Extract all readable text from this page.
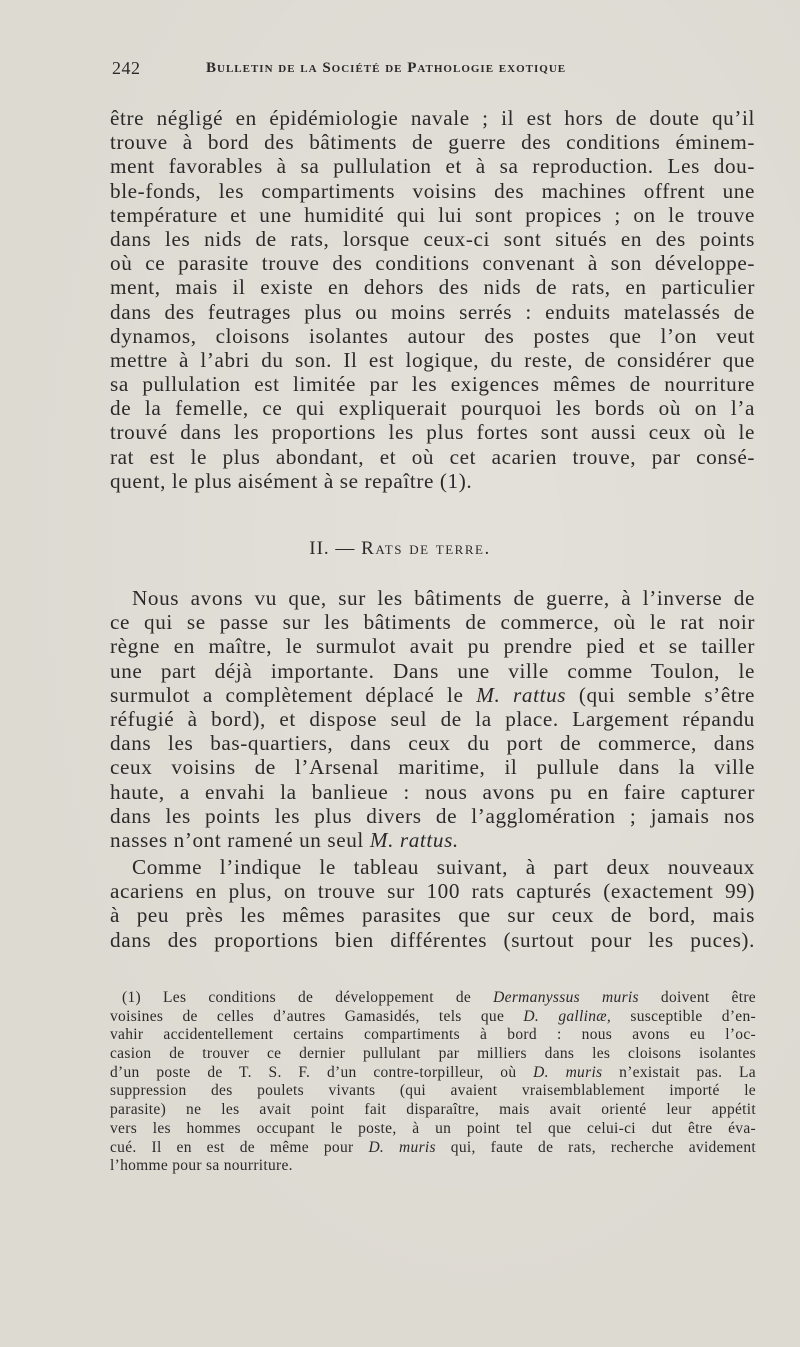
242	Bulletin de la Société de Pathologie exotique
être négligé en épidémiologie navale ; il est hors de doute qu’il
trouve à bord des bâtiments de guerre des conditions éminem-
ment favorables à sa pullulation et à sa reproduction. Les dou-
ble-fonds, les compartiments voisins des machines offrent une
température et une humidité qui lui sont propices ; on le trouve
dans les nids de rats, lorsque ceux-ci sont situés en des points
où ce parasite trouve des conditions convenant à son développe-
ment, mais il existe en dehors des nids de rats, en particulier
dans des feutrages plus ou moins serrés : enduits matelassés de
dynamos, cloisons isolantes autour des postes que l’on veut
mettre à l’abri du son. Il est logique, du reste, de considérer que
sa pullulation est limitée par les exigences mêmes de nourriture
de la femelle, ce qui expliquerait pourquoi les bords où on l’a
trouvé dans les proportions les plus fortes sont aussi ceux où le
rat est le plus abondant, et où cet acarien trouve, par consé-
quent, le plus aisément à se repaître (1).
II. — Rats de terre.
Nous avons vu que, sur les bâtiments de guerre, à l’inverse de
ce qui se passe sur les bâtiments de commerce, où le rat noir
règne en maître, le surmulot avait pu prendre pied et se tailler
une part déjà importante. Dans une ville comme Toulon, le
surmulot a complètement déplacé le M. rattus (qui semble s’être
réfugié à bord), et dispose seul de la place. Largement répandu
dans les bas-quartiers, dans ceux du port de commerce, dans
ceux voisins de l’Arsenal maritime, il pullule dans la ville
haute, a envahi la banlieue : nous avons pu en faire capturer
dans les points les plus divers de l’agglomération ; jamais nos
nasses n’ont ramené un seul M. rattus.
Comme l’indique le tableau suivant, à part deux nouveaux
acariens en plus, on trouve sur 100 rats capturés (exactement 99)
à peu près les mêmes parasites que sur ceux de bord, mais
dans des proportions bien différentes (surtout pour les puces).
(1) Les conditions de développement de Dermanyssus muris doivent être
voisines de celles d’autres Gamasidés, tels que D. gallinæ, susceptible d’en-
vahir accidentellement certains compartiments à bord : nous avons eu l’oc-
casion de trouver ce dernier pullulant par milliers dans les cloisons isolantes
d’un poste de T. S. F. d’un contre-torpilleur, où D. muris n’existait pas. La
suppression des poulets vivants (qui avaient vraisemblablement importé le
parasite) ne les avait point fait disparaître, mais avait orienté leur appétit
vers les hommes occupant le poste, à un point tel que celui-ci dut être éva-
cué. Il en est de même pour D. muris qui, faute de rats, recherche avidement
l’homme pour sa nourriture.
